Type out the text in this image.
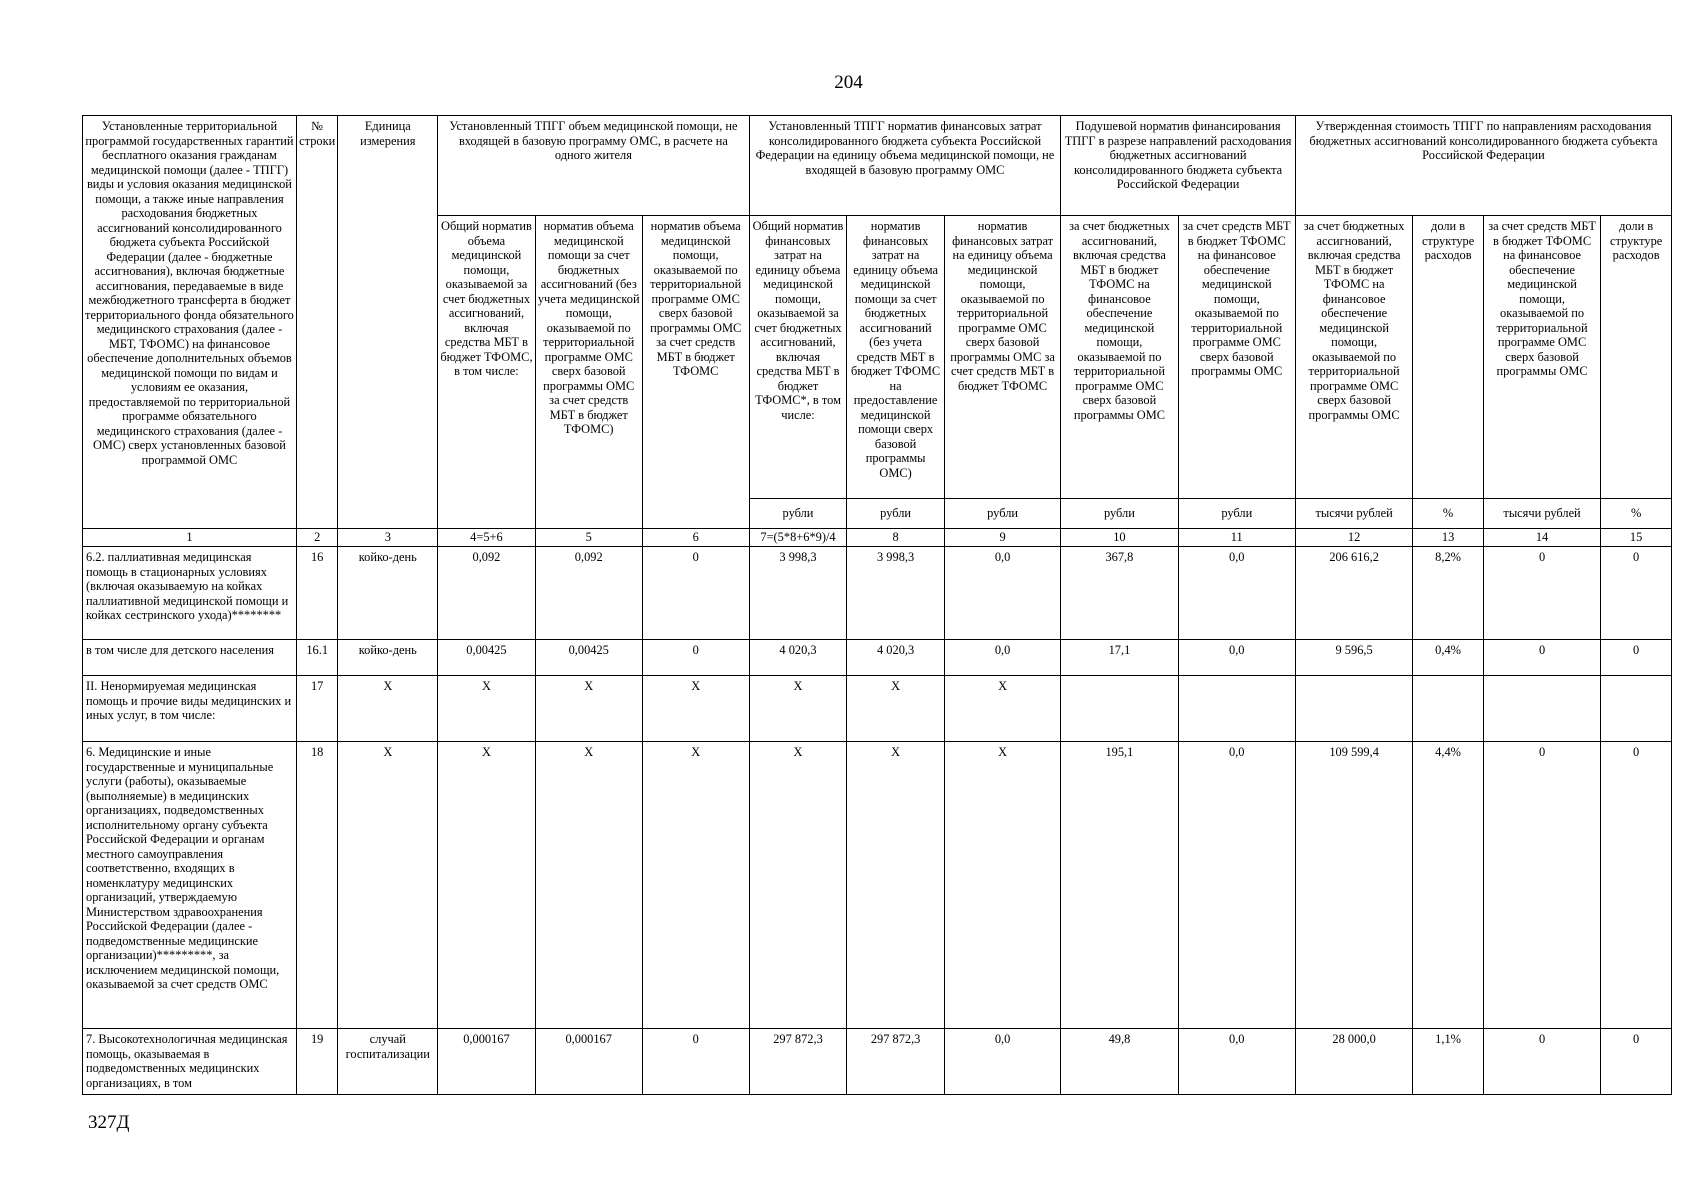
204
Установленные территориальной программой государственных гарантий бесплатного оказания гражданам медицинской помощи (далее - ТПГГ) виды и условия оказания медицинской помощи, а также иные направления расходования бюджетных ассигнований консолидированного бюджета субъекта Российской Федерации (далее - бюджетные ассигнования), включая бюджетные ассигнования, передаваемые в виде межбюджетного трансферта в бюджет территориального фонда обязательного медицинского страхования (далее - МБТ, ТФОМС) на финансовое обеспечение дополнительных объемов медицинской помощи по видам и условиям ее оказания, предоставляемой по территориальной программе обязательного медицинского страхования (далее - ОМС) сверх установленных базовой программой ОМС	№ строки	Единица измерения	Установленный ТПГГ объем медицинской помощи, не входящей в базовую программу ОМС, в расчете на одного жителя			Установленный ТПГГ норматив финансовых затрат консолидированного бюджета субъекта Российской Федерации на единицу объема медицинской помощи, не входящей в базовую программу ОМС			Подушевой норматив финансирования ТПГГ в разрезе направлений расходования бюджетных ассигнований консолидированного бюджета субъекта Российской Федерации		Утвержденная стоимость ТПГГ по направлениям расходования бюджетных ассигнований консолидированного бюджета субъекта Российской Федерации			
			Общий норматив объема медицинской помощи, оказываемой за счет бюджетных ассигнований, включая средства МБТ в бюджет ТФОМС, в том числе:	норматив объема медицинской помощи за счет бюджетных ассигнований (без учета медицинской помощи, оказываемой по территориальной программе ОМС сверх базовой программы ОМС за счет средств МБТ в бюджет ТФОМС)	норматив объема медицинской помощи, оказываемой по территориальной программе ОМС сверх базовой программы ОМС за счет средств МБТ в бюджет ТФОМС	Общий норматив финансовых затрат на единицу объема медицинской помощи, оказываемой за счет бюджетных ассигнований, включая средства МБТ в бюджет ТФОМС*, в том числе:	норматив финансовых затрат на единицу объема медицинской помощи за счет бюджетных ассигнований (без учета средств МБТ в бюджет ТФОМС на предоставление медицинской помощи сверх базовой программы ОМС)	норматив финансовых затрат на единицу объема медицинской помощи, оказываемой по территориальной программе ОМС сверх базовой программы ОМС за счет средств МБТ в бюджет ТФОМС	за счет бюджетных ассигнований, включая средства МБТ в бюджет ТФОМС на финансовое обеспечение медицинской помощи, оказываемой по территориальной программе ОМС сверх базовой программы ОМС	за счет средств МБТ в бюджет ТФОМС на финансовое обеспечение медицинской помощи, оказываемой по территориальной программе ОМС сверх базовой программы ОМС	за счет бюджетных ассигнований, включая средства МБТ в бюджет ТФОМС на финансовое обеспечение медицинской помощи, оказываемой по территориальной программе ОМС сверх базовой программы ОМС	доли в структуре расходов	за счет средств МБТ в бюджет ТФОМС на финансовое обеспечение медицинской помощи, оказываемой по территориальной программе ОМС сверх базовой программы ОМС	доли в структуре расходов
						рубли	рубли	рубли	рубли	рубли	тысячи рублей	%	тысячи рублей	%
1	2	3	4=5+6	5	6	7=(5*8+6*9)/4	8	9	10	11	12	13	14	15
6.2. паллиативная медицинская помощь в стационарных условиях (включая оказываемую на койках паллиативной медицинской помощи и койках сестринского ухода)********	16	койко-день	0,092	0,092	0	3 998,3	3 998,3	0,0	367,8	0,0	206 616,2	8,2%	0	0
в том числе для детского населения	16.1	койко-день	0,00425	0,00425	0	4 020,3	4 020,3	0,0	17,1	0,0	9 596,5	0,4%	0	0
II. Ненормируемая медицинская помощь и прочие виды медицинских и иных услуг, в том числе:	17	X	X	X	X	X	X	X						
6. Медицинские и иные государственные и муниципальные услуги (работы), оказываемые (выполняемые) в медицинских организациях, подведомственных исполнительному органу субъекта Российской Федерации и органам местного самоуправления соответственно, входящих в номенклатуру медицинских организаций, утверждаемую Министерством здравоохранения Российской Федерации (далее - подведомственные медицинские организации)*********, за исключением медицинской помощи, оказываемой за счет средств ОМС	18	X	X	X	X	X	X	X	195,1	0,0	109 599,4	4,4%	0	0
7. Высокотехнологичная медицинская помощь, оказываемая в подведомственных медицинских организациях, в том	19	случай госпитализации	0,000167	0,000167	0	297 872,3	297 872,3	0,0	49,8	0,0	28 000,0	1,1%	0	0
327Д
